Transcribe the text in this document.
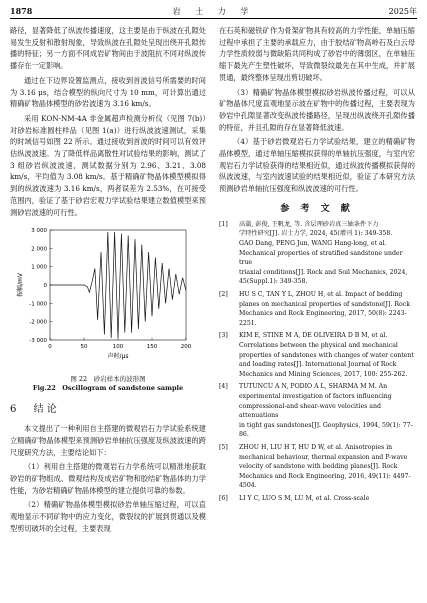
1878	岩 土 力 学	2025年

路径，显著降低了纵波传播速度，这主要是由于纵波在孔隙处易发生反射和散射现象，导致纵波在孔隙处呈现出绕开孔隙传播的特征；另一方面不同成岩矿物间由于波阻抗不同对纵波传播存在一定影响。

通过在下边界设置监测点，接收到首波信号所需要的时间为 3.16 μs，结合模型的纵向尺寸为 10 mm，可计算出通过精确矿物晶体模型的砂岩波速为 3.16 km/s。

采用 KON-NM-4A 非金属超声检测分析仪（见图 7(b)）对砂岩标准圆柱样品（见图 1(a)）进行纵波波速测试，采集的时域信号如图 22 所示。通过接收到首波的时间可以有效评估纵波波速。为了降低样品离散性对试验结果的影响，测试了 3 组砂岩纵波波速，测试数据分别为 2.96、3.21、3.08 km/s，平均值为 3.08 km/s。基于精确矿物晶体模型模拟得到的纵波波速为 3.16 km/s，两者误差为 2.53%，在可接受范围内，验证了基于砂岩宏观力学试验结果建立数值模型来预测砂岩波速的可行性。

0	50	100	150	200
3 000
2 000
1 000
0
-1 000
-2 000
-3 000
振幅/mV
声时/μs
图 22　砂岩样本的波形图
Fig.22　Oscillogram of sandstone sample
6 结 论

本文提出了一种利用自主搭建的微观岩石力学试验系统建立精确矿物晶体模型来预测砂岩单轴抗压强度及纵波波速的跨尺度研究方法，主要结论如下：

（1）利用自主搭建的微观岩石力学系统可以精准地获取砂岩的矿物组成、微观结构及成岩矿物和胶结矿物晶体的力学性能，为砂岩精确矿物晶体模型的建立提供可靠的参数。

（2）精确矿物晶体模型模拟砂岩单轴压缩过程，可以直观地显示不同矿物中的应力变化，微裂纹的扩展到贯通以及模型剪切破坏的全过程，主要表现

在石英和磁铁矿作为骨架矿物具有较高的力学性能，单轴压缩过程中承担了主要的承载应力，由于胶结矿物高岭石及白云母力学性质较弱与微缺陷共同构成了砂岩中的薄弱区，在单轴压缩下最先产生塑性破坏，导致微裂纹最先在其中生成，并扩展贯通，最终整体呈现出剪切破坏。

（3）精确矿物晶体模型模拟砂岩纵波传播过程，可以从矿物晶体尺度直观地显示波在矿物中的传播过程，主要表现为砂岩中孔隙显著改变纵波传播路径，呈现出纵波绕开孔隙传播的特征，并且孔隙的存在显著降低波速。

（4）基于砂岩微观岩石力学试验结果，建立的精确矿物晶体模型，通过单轴压缩模拟获得的单轴抗压强度，与室内宏观岩石力学试验获得的结果相近似，通过纵波传播模拟获得的纵波波速，与室内波速试验的结果相近似，验证了本研究方法预测砂岩单轴抗压强度和纵波波速的可行性。

参 考 文 献
[1] 高蒲, 彭俊, 王帆龙, 等. 含层理砂岩真三轴条件下力
学特性研究[J]. 岩土力学, 2024, 45(增刊 1): 349-358.
GAO Dang, PENG Jun, WANG Hang-long, et al.
Mechanical properties of stratified sandstone under true
triaxial conditions[J]. Rock and Soil Mechanics, 2024,
45(Suppl.1): 349-358.
[2] HU S C, TAN Y L, ZHOU H, et al. Impact of bedding
planes on mechanical properties of sandstone[J]. Rock
Mechanics and Rock Engineering, 2017, 50(8): 2243-
2251.
[3] KIM E, STINE M A, DE OLIVEIRA D B M, et al.
Correlations between the physical and mechanical
properties of sandstones with changes of water content
and loading rates[J]. International Journal of Rock
Mechanics and Mining Sciences, 2017, 100: 255-262.
[4] TUTUNCU A N, PODIO A L, SHARMA M M. An
experimental investigation of factors influencing
compressional-and shear-wave velocities and attenuations
in tight gas sandstones[J]. Geophysics, 1994, 59(1): 77-86.
[5] ZHOU H, LIU H T, HU D W, et al. Anisotropies in
mechanical behaviour, thermal expansion and P-wave
velocity of sandstone with bedding planes[J]. Rock
Mechanics and Rock Engineering, 2016, 49(11): 4497-
4504.
[6] LI Y C, LUO S M, LU M, et al. Cross-scale
